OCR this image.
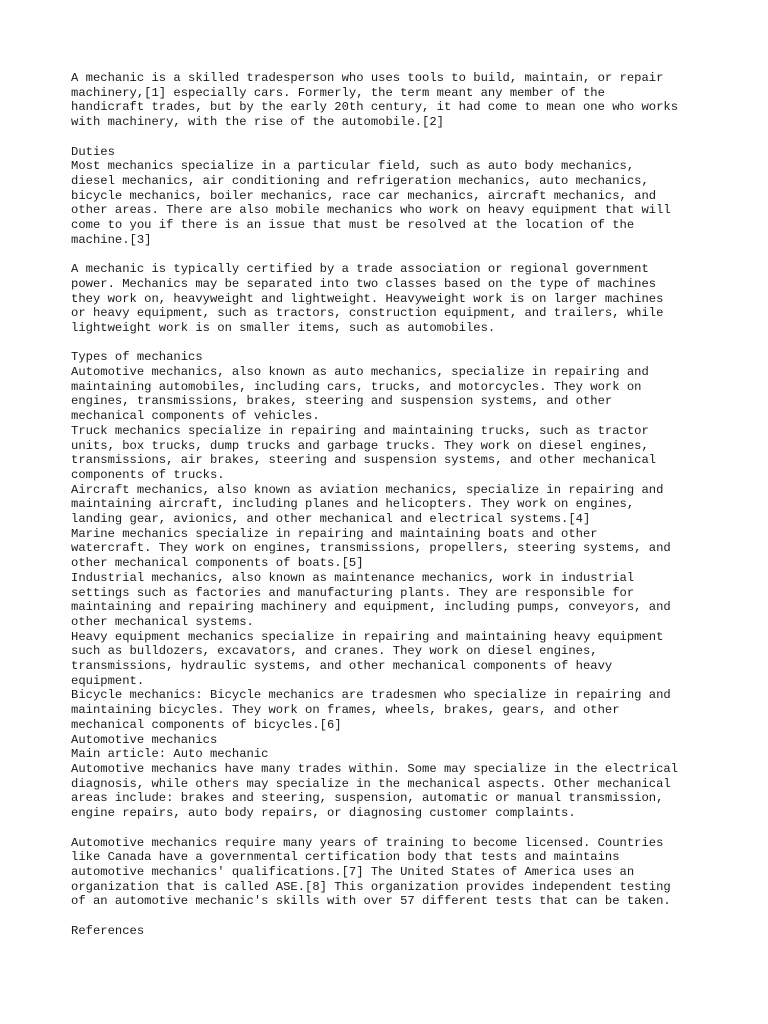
A mechanic is a skilled tradesperson who uses tools to build, maintain, or repair
machinery,[1] especially cars. Formerly, the term meant any member of the
handicraft trades, but by the early 20th century, it had come to mean one who works
with machinery, with the rise of the automobile.[2]
Duties
Most mechanics specialize in a particular field, such as auto body mechanics,
diesel mechanics, air conditioning and refrigeration mechanics, auto mechanics,
bicycle mechanics, boiler mechanics, race car mechanics, aircraft mechanics, and
other areas. There are also mobile mechanics who work on heavy equipment that will
come to you if there is an issue that must be resolved at the location of the
machine.[3]
A mechanic is typically certified by a trade association or regional government
power. Mechanics may be separated into two classes based on the type of machines
they work on, heavyweight and lightweight. Heavyweight work is on larger machines
or heavy equipment, such as tractors, construction equipment, and trailers, while
lightweight work is on smaller items, such as automobiles.
Types of mechanics
Automotive mechanics, also known as auto mechanics, specialize in repairing and
maintaining automobiles, including cars, trucks, and motorcycles. They work on
engines, transmissions, brakes, steering and suspension systems, and other
mechanical components of vehicles.
Truck mechanics specialize in repairing and maintaining trucks, such as tractor
units, box trucks, dump trucks and garbage trucks. They work on diesel engines,
transmissions, air brakes, steering and suspension systems, and other mechanical
components of trucks.
Aircraft mechanics, also known as aviation mechanics, specialize in repairing and
maintaining aircraft, including planes and helicopters. They work on engines,
landing gear, avionics, and other mechanical and electrical systems.[4]
Marine mechanics specialize in repairing and maintaining boats and other
watercraft. They work on engines, transmissions, propellers, steering systems, and
other mechanical components of boats.[5]
Industrial mechanics, also known as maintenance mechanics, work in industrial
settings such as factories and manufacturing plants. They are responsible for
maintaining and repairing machinery and equipment, including pumps, conveyors, and
other mechanical systems.
Heavy equipment mechanics specialize in repairing and maintaining heavy equipment
such as bulldozers, excavators, and cranes. They work on diesel engines,
transmissions, hydraulic systems, and other mechanical components of heavy
equipment.
Bicycle mechanics: Bicycle mechanics are tradesmen who specialize in repairing and
maintaining bicycles. They work on frames, wheels, brakes, gears, and other
mechanical components of bicycles.[6]
Automotive mechanics
Main article: Auto mechanic
Automotive mechanics have many trades within. Some may specialize in the electrical
diagnosis, while others may specialize in the mechanical aspects. Other mechanical
areas include: brakes and steering, suspension, automatic or manual transmission,
engine repairs, auto body repairs, or diagnosing customer complaints.
Automotive mechanics require many years of training to become licensed. Countries
like Canada have a governmental certification body that tests and maintains
automotive mechanics' qualifications.[7] The United States of America uses an
organization that is called ASE.[8] This organization provides independent testing
of an automotive mechanic's skills with over 57 different tests that can be taken.
References
